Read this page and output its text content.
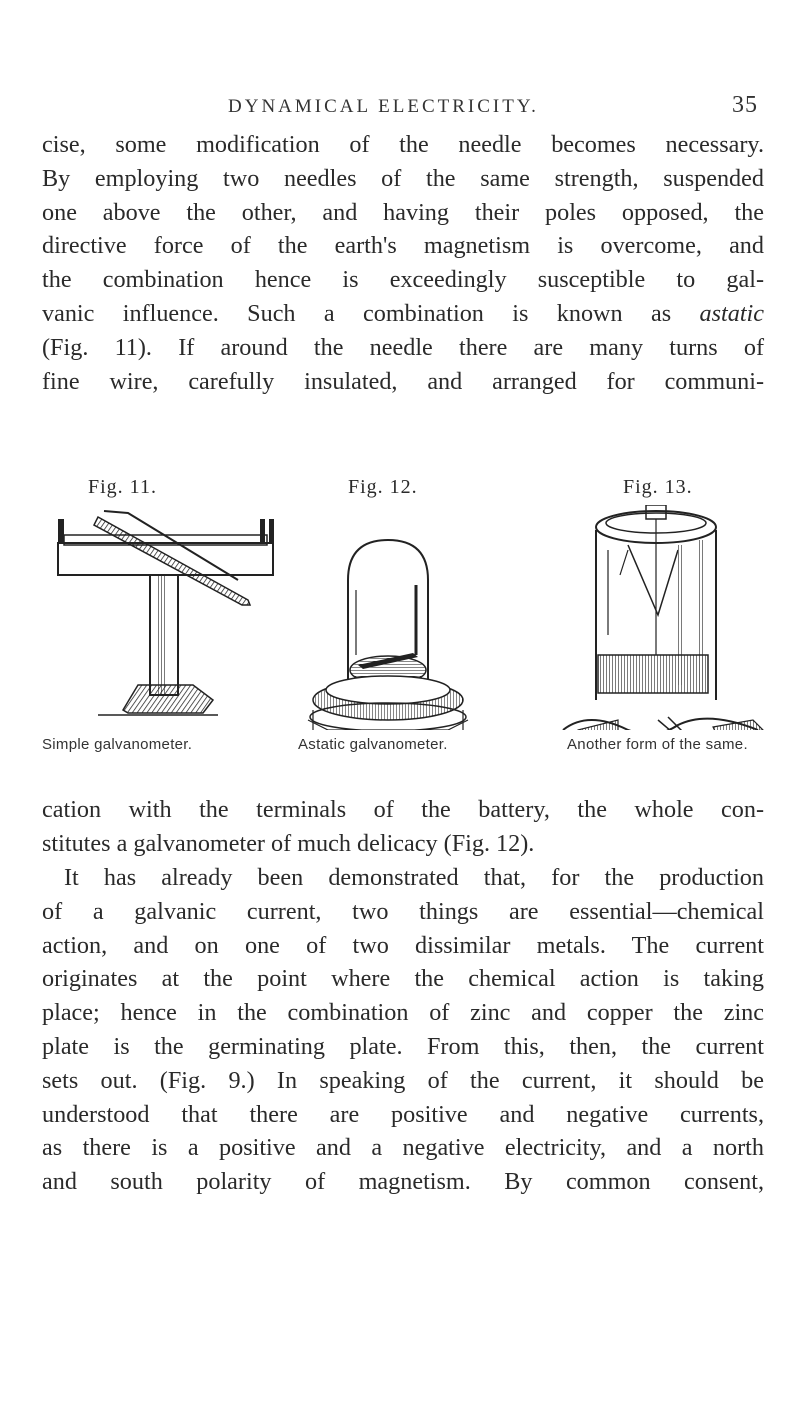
DYNAMICAL ELECTRICITY.	35
cise, some modification of the needle becomes necessary.
By employing two needles of the same strength, suspended
one above the other, and having their poles opposed, the
directive force of the earth's magnetism is overcome, and
the combination hence is exceedingly susceptible to gal-
vanic influence. Such a combination is known as astatic
(Fig. 11). If around the needle there are many turns of
fine wire, carefully insulated, and arranged for communi-
Fig. 11.	Fig. 12.	Fig. 13.
Simple galvanometer.	Astatic galvanometer.	Another form of the same.
cation with the terminals of the battery, the whole con-
stitutes a galvanometer of much delicacy (Fig. 12).
It has already been demonstrated that, for the production
of a galvanic current, two things are essential—chemical
action, and on one of two dissimilar metals. The current
originates at the point where the chemical action is taking
place; hence in the combination of zinc and copper the zinc
plate is the germinating plate. From this, then, the current
sets out. (Fig. 9.) In speaking of the current, it should be
understood that there are positive and negative currents,
as there is a positive and a negative electricity, and a north
and south polarity of magnetism. By common consent,
